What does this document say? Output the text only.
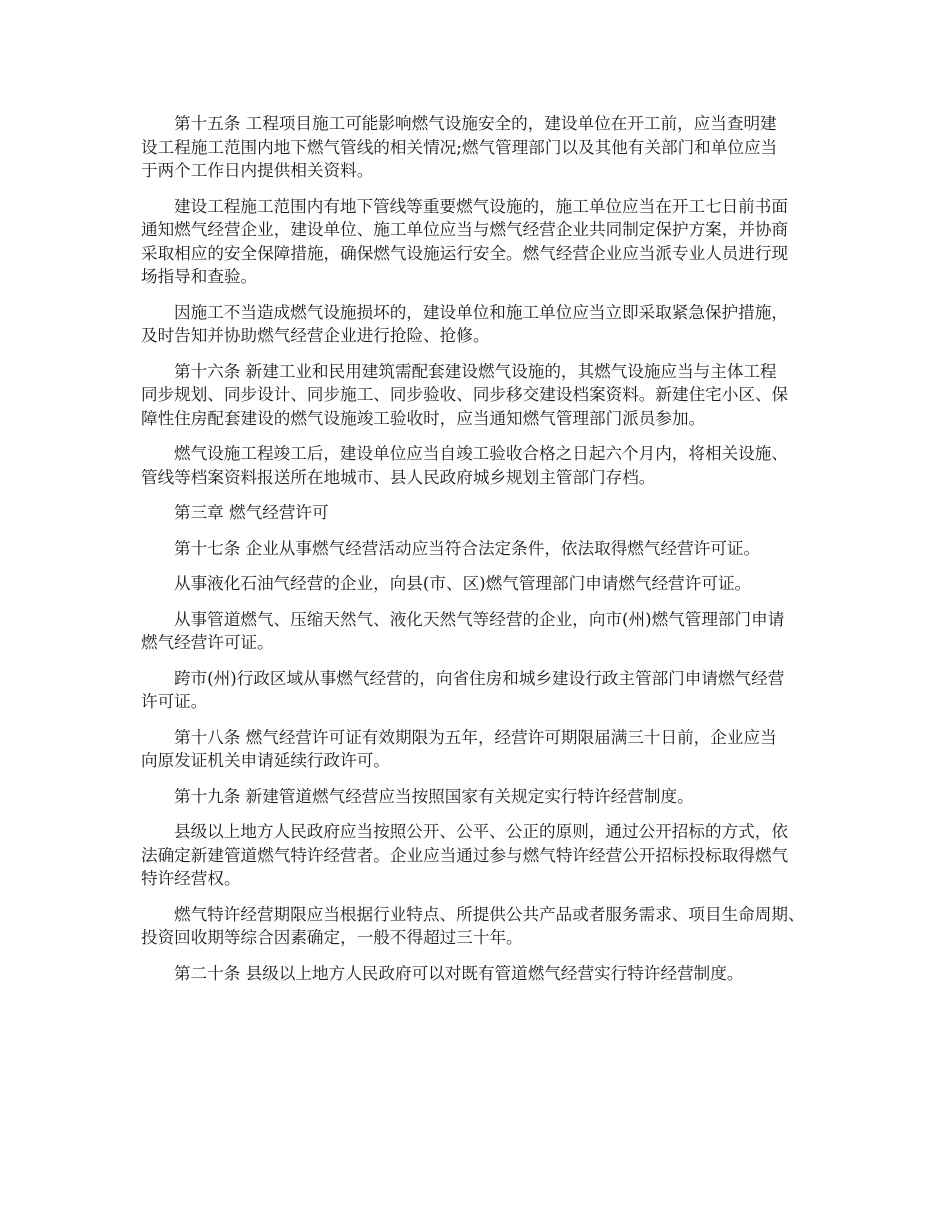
第十五条 工程项目施工可能影响燃气设施安全的，建设单位在开工前，应当查明建
设工程施工范围内地下燃气管线的相关情况;燃气管理部门以及其他有关部门和单位应当
于两个工作日内提供相关资料。
建设工程施工范围内有地下管线等重要燃气设施的，施工单位应当在开工七日前书面
通知燃气经营企业，建设单位、施工单位应当与燃气经营企业共同制定保护方案，并协商
采取相应的安全保障措施，确保燃气设施运行安全。燃气经营企业应当派专业人员进行现
场指导和查验。
因施工不当造成燃气设施损坏的，建设单位和施工单位应当立即采取紧急保护措施，
及时告知并协助燃气经营企业进行抢险、抢修。
第十六条 新建工业和民用建筑需配套建设燃气设施的，其燃气设施应当与主体工程
同步规划、同步设计、同步施工、同步验收、同步移交建设档案资料。新建住宅小区、保
障性住房配套建设的燃气设施竣工验收时，应当通知燃气管理部门派员参加。
燃气设施工程竣工后，建设单位应当自竣工验收合格之日起六个月内，将相关设施、
管线等档案资料报送所在地城市、县人民政府城乡规划主管部门存档。
第三章 燃气经营许可
第十七条 企业从事燃气经营活动应当符合法定条件，依法取得燃气经营许可证。
从事液化石油气经营的企业，向县(市、区)燃气管理部门申请燃气经营许可证。
从事管道燃气、压缩天然气、液化天然气等经营的企业，向市(州)燃气管理部门申请
燃气经营许可证。
跨市(州)行政区域从事燃气经营的，向省住房和城乡建设行政主管部门申请燃气经营
许可证。
第十八条 燃气经营许可证有效期限为五年，经营许可期限届满三十日前，企业应当
向原发证机关申请延续行政许可。
第十九条 新建管道燃气经营应当按照国家有关规定实行特许经营制度。
县级以上地方人民政府应当按照公开、公平、公正的原则，通过公开招标的方式，依
法确定新建管道燃气特许经营者。企业应当通过参与燃气特许经营公开招标投标取得燃气
特许经营权。
燃气特许经营期限应当根据行业特点、所提供公共产品或者服务需求、项目生命周期、
投资回收期等综合因素确定，一般不得超过三十年。
第二十条 县级以上地方人民政府可以对既有管道燃气经营实行特许经营制度。
